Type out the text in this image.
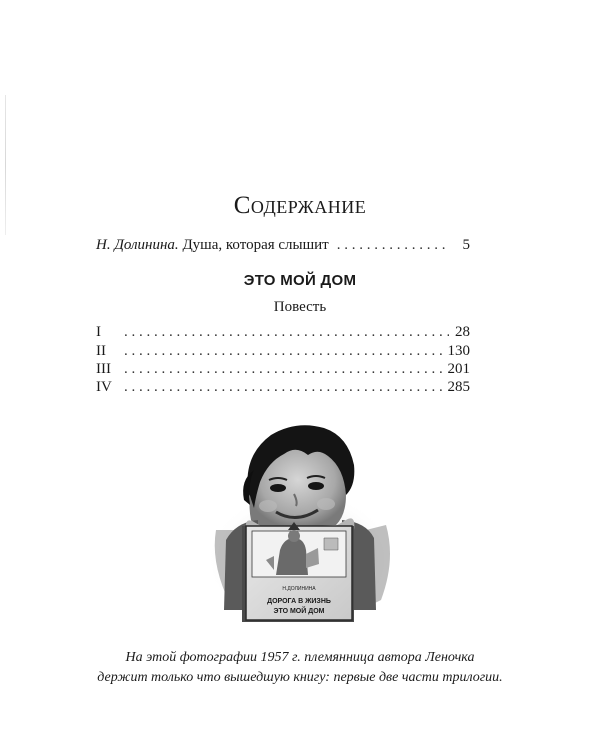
Содержание
Н. Долинина. Душа, которая слышит . . .	5
ЭТО МОЙ ДОМ
Повесть
I . . .	28
II . . .	130
III . . .	201
IV . . .	285
Н.ДОЛИНИНА
ДОРОГА В ЖИЗНЬ
ЭТО МОЙ ДОМ
На этой фотографии 1957 г. племянница автора Леночка
держит только что вышедшую книгу: первые две части трилогии.
